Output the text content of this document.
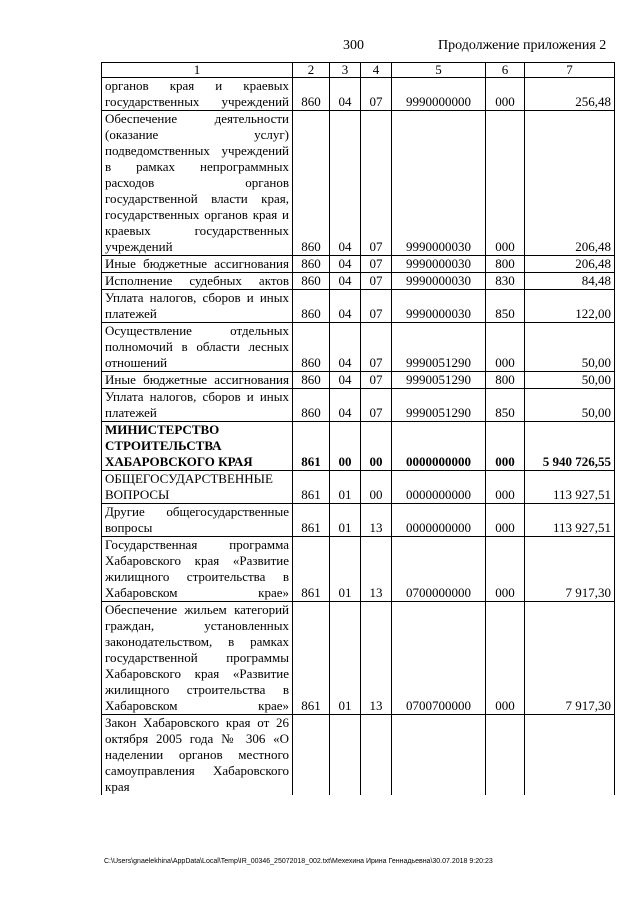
300	Продолжение приложения 2
1	2	3	4	5	6	7
органов края и краевых государственных учреждений	860	04	07	9990000000	000	256,48
Обеспечение деятельности (оказание услуг) подведомственных учреждений в рамках непрограммных расходов органов государственной власти края, государственных органов края и краевых государственных учреждений	860	04	07	9990000030	000	206,48
Иные бюджетные ассигнования	860	04	07	9990000030	800	206,48
Исполнение судебных актов	860	04	07	9990000030	830	84,48
Уплата налогов, сборов и иных платежей	860	04	07	9990000030	850	122,00
Осуществление отдельных полномочий в области лесных отношений	860	04	07	9990051290	000	50,00
Иные бюджетные ассигнования	860	04	07	9990051290	800	50,00
Уплата налогов, сборов и иных платежей	860	04	07	9990051290	850	50,00
МИНИСТЕРСТВО СТРОИТЕЛЬСТВА ХАБАРОВСКОГО КРАЯ	861	00	00	0000000000	000	5 940 726,55
ОБЩЕГОСУДАРСТВЕННЫЕ ВОПРОСЫ	861	01	00	0000000000	000	113 927,51
Другие общегосударственные вопросы	861	01	13	0000000000	000	113 927,51
Государственная программа Хабаровского края «Развитие жилищного строительства в Хабаровском крае»	861	01	13	0700000000	000	7 917,30
Обеспечение жильем категорий граждан, установленных законодательством, в рамках государственной программы Хабаровского края «Развитие жилищного строительства в Хабаровском крае»	861	01	13	0700700000	000	7 917,30
Закон Хабаровского края от 26 октября 2005 года № 306 «О наделении органов местного самоуправления Хабаровского края						
C:\Users\gnaelekhina\AppData\Local\Temp\IR_00346_25072018_002.txt\Мехехина Ирина Геннадьевна\30.07.2018 9:20:23
